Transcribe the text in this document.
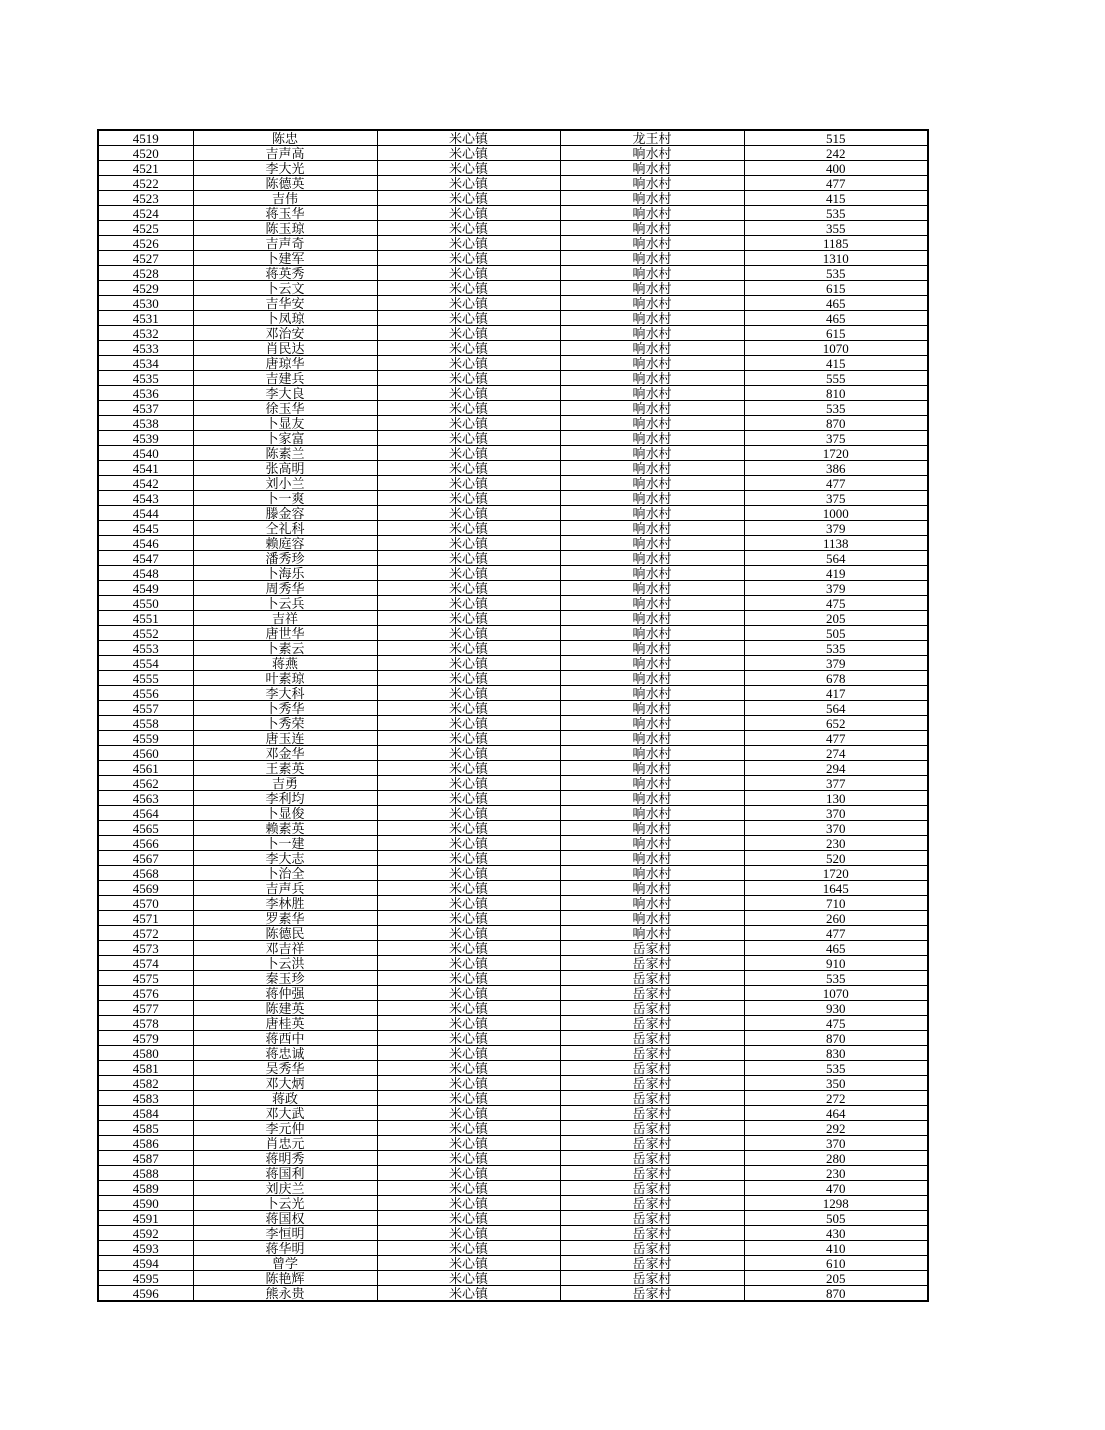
4519	陈忠	米心镇	龙王村	515
4520	吉声高	米心镇	响水村	242
4521	李大光	米心镇	响水村	400
4522	陈德英	米心镇	响水村	477
4523	吉伟	米心镇	响水村	415
4524	蒋玉华	米心镇	响水村	535
4525	陈玉琼	米心镇	响水村	355
4526	吉声奇	米心镇	响水村	1185
4527	卜建军	米心镇	响水村	1310
4528	蒋英秀	米心镇	响水村	535
4529	卜云文	米心镇	响水村	615
4530	吉华安	米心镇	响水村	465
4531	卜凤琼	米心镇	响水村	465
4532	邓治安	米心镇	响水村	615
4533	肖民达	米心镇	响水村	1070
4534	唐琼华	米心镇	响水村	415
4535	吉建兵	米心镇	响水村	555
4536	李大良	米心镇	响水村	810
4537	徐玉华	米心镇	响水村	535
4538	卜显友	米心镇	响水村	870
4539	卜家富	米心镇	响水村	375
4540	陈素兰	米心镇	响水村	1720
4541	张高明	米心镇	响水村	386
4542	刘小兰	米心镇	响水村	477
4543	卜一爽	米心镇	响水村	375
4544	滕金容	米心镇	响水村	1000
4545	仝礼科	米心镇	响水村	379
4546	赖庭容	米心镇	响水村	1138
4547	潘秀珍	米心镇	响水村	564
4548	卜海乐	米心镇	响水村	419
4549	周秀华	米心镇	响水村	379
4550	卜云兵	米心镇	响水村	475
4551	吉祥	米心镇	响水村	205
4552	唐世华	米心镇	响水村	505
4553	卜素云	米心镇	响水村	535
4554	蒋燕	米心镇	响水村	379
4555	叶素琼	米心镇	响水村	678
4556	李大科	米心镇	响水村	417
4557	卜秀华	米心镇	响水村	564
4558	卜秀荣	米心镇	响水村	652
4559	唐玉连	米心镇	响水村	477
4560	邓金华	米心镇	响水村	274
4561	王素英	米心镇	响水村	294
4562	吉勇	米心镇	响水村	377
4563	李利均	米心镇	响水村	130
4564	卜显俊	米心镇	响水村	370
4565	赖素英	米心镇	响水村	370
4566	卜一建	米心镇	响水村	230
4567	李大志	米心镇	响水村	520
4568	卜治全	米心镇	响水村	1720
4569	吉声兵	米心镇	响水村	1645
4570	李林胜	米心镇	响水村	710
4571	罗素华	米心镇	响水村	260
4572	陈德民	米心镇	响水村	477
4573	邓吉祥	米心镇	岳家村	465
4574	卜云洪	米心镇	岳家村	910
4575	秦玉珍	米心镇	岳家村	535
4576	蒋仲强	米心镇	岳家村	1070
4577	陈建英	米心镇	岳家村	930
4578	唐桂英	米心镇	岳家村	475
4579	蒋西中	米心镇	岳家村	870
4580	蒋忠诚	米心镇	岳家村	830
4581	吴秀华	米心镇	岳家村	535
4582	邓大炳	米心镇	岳家村	350
4583	蒋政	米心镇	岳家村	272
4584	邓大武	米心镇	岳家村	464
4585	李元仲	米心镇	岳家村	292
4586	肖忠元	米心镇	岳家村	370
4587	蒋明秀	米心镇	岳家村	280
4588	蒋国利	米心镇	岳家村	230
4589	刘庆兰	米心镇	岳家村	470
4590	卜云光	米心镇	岳家村	1298
4591	蒋国权	米心镇	岳家村	505
4592	李恒明	米心镇	岳家村	430
4593	蒋华明	米心镇	岳家村	410
4594	曾学	米心镇	岳家村	610
4595	陈艳辉	米心镇	岳家村	205
4596	熊永贵	米心镇	岳家村	870
